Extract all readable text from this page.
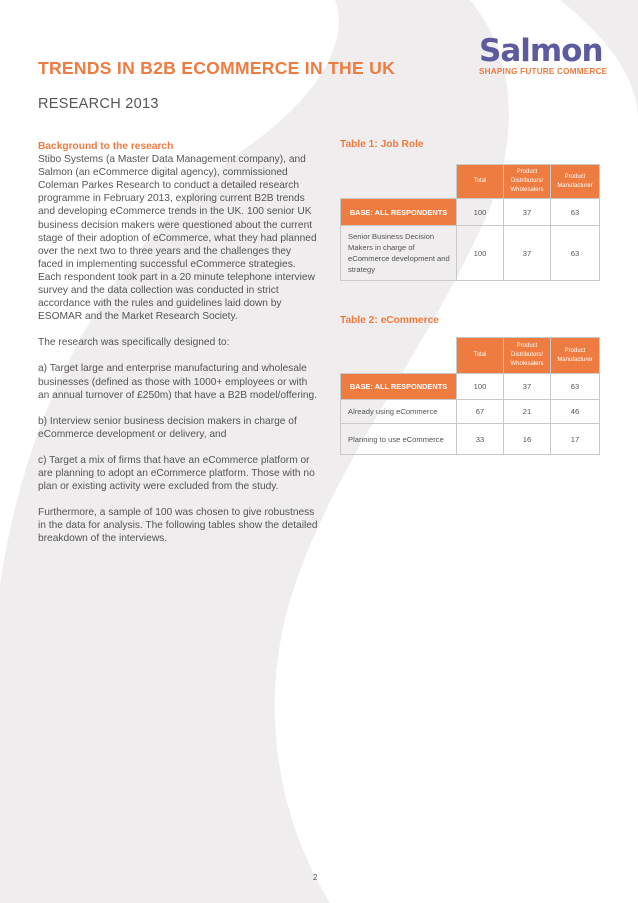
Salmon
SHAPING FUTURE COMMERCE
TRENDS IN B2B ECOMMERCE IN THE UK
RESEARCH 2013
Background to the research

Stibo Systems (a Master Data Management company), and Salmon (an eCommerce digital agency), commissioned Coleman Parkes Research to conduct a detailed research programme in February 2013, exploring current B2B trends and developing eCommerce trends in the UK. 100 senior UK business decision makers were questioned about the current stage of their adoption of eCommerce, what they had planned over the next two to three years and the challenges they faced in implementing successful eCommerce strategies. Each respondent took part in a 20 minute telephone interview survey and the data collection was conducted in strict accordance with the rules and guidelines laid down by ESOMAR and the Market Research Society.

The research was specifically designed to:

a) Target large and enterprise manufacturing and wholesale businesses (defined as those with 1000+ employees or with an annual turnover of £250m) that have a B2B model/offering.

b) Interview senior business decision makers in charge of eCommerce development or delivery, and

c) Target a mix of firms that have an eCommerce platform or are planning to adopt an eCommerce platform. Those with no plan or existing activity were excluded from the study.

Furthermore, a sample of 100 was chosen to give robustness in the data for analysis. The following tables show the detailed breakdown of the interviews.

Table 1: Job Role
	Total	Product Distributors/ Wholesalers	Product Manufacturer
BASE: ALL RESPONDENTS	100	37	63
Senior Business Decision Makers in charge of eCommerce development and strategy	100	37	63
Table 2: eCommerce
	Total	Product Distributors/ Wholesalers	Product Manufacturer
BASE: ALL RESPONDENTS	100	37	63
Already using eCommerce	67	21	46
Planning to use eCommerce	33	16	17
2
